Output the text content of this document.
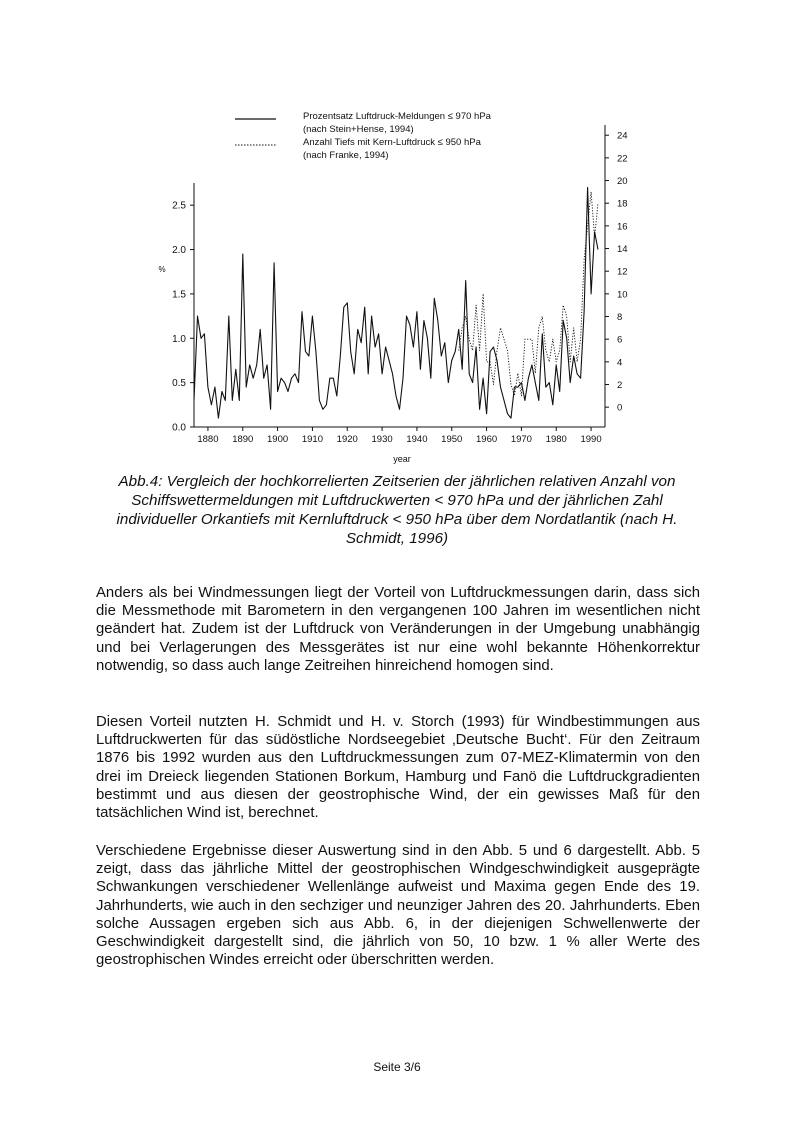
1880 1890 1900 1910 1920 1930 1940 1950 1960 1970 1980 1990
0.0
0.5
1.0
1.5
2.0
2.5
0
2
4
6
8
10
12
14
16
18
20
22
24
year
%
Prozentsatz Luftdruck-Meldungen ≤ 970 hPa
(nach Stein+Hense, 1994)
Anzahl Tiefs mit Kern-Luftdruck ≤ 950 hPa
(nach Franke, 1994)

Abb.4: Vergleich der hochkorrelierten Zeitserien der jährlichen relativen Anzahl von Schiffswettermeldungen mit Luftdruckwerten < 970 hPa und der jährlichen Zahl individueller Orkantiefs mit Kernluftdruck < 950 hPa über dem Nordatlantik (nach H. Schmidt, 1996)

Anders als bei Windmessungen liegt der Vorteil von Luftdruckmessungen darin, dass sich die Messmethode mit Barometern in den vergangenen 100 Jahren im wesentlichen nicht geändert hat. Zudem ist der Luftdruck von Veränderungen in der Umgebung unabhängig und bei Verlagerungen des Messgerätes ist nur eine wohl bekannte Höhenkorrektur notwendig, so dass auch lange Zeitreihen hinreichend homogen sind.

Diesen Vorteil nutzten H. Schmidt und H. v. Storch (1993) für Windbestimmungen aus Luftdruckwerten für das südöstliche Nordseegebiet ‚Deutsche Bucht‘. Für den Zeitraum 1876 bis 1992 wurden aus den Luftdruckmessungen zum 07-MEZ-Klimatermin von den drei im Dreieck liegenden Stationen Borkum, Hamburg und Fanö die Luftdruckgradienten bestimmt und aus diesen der geostrophische Wind, der ein gewisses Maß für den tatsächlichen Wind ist, berechnet.

Verschiedene Ergebnisse dieser Auswertung sind in den Abb. 5 und 6 dargestellt. Abb. 5 zeigt, dass das jährliche Mittel der geostrophischen Windgeschwindigkeit ausgeprägte Schwankungen verschiedener Wellenlänge aufweist und Maxima gegen Ende des 19. Jahrhunderts, wie auch in den sechziger und neunziger Jahren des 20. Jahrhunderts. Eben solche Aussagen ergeben sich aus Abb. 6, in der diejenigen Schwellenwerte der Geschwindigkeit dargestellt sind, die jährlich von 50, 10 bzw. 1 % aller Werte des geostrophischen Windes erreicht oder überschritten werden.

Seite 3/6
